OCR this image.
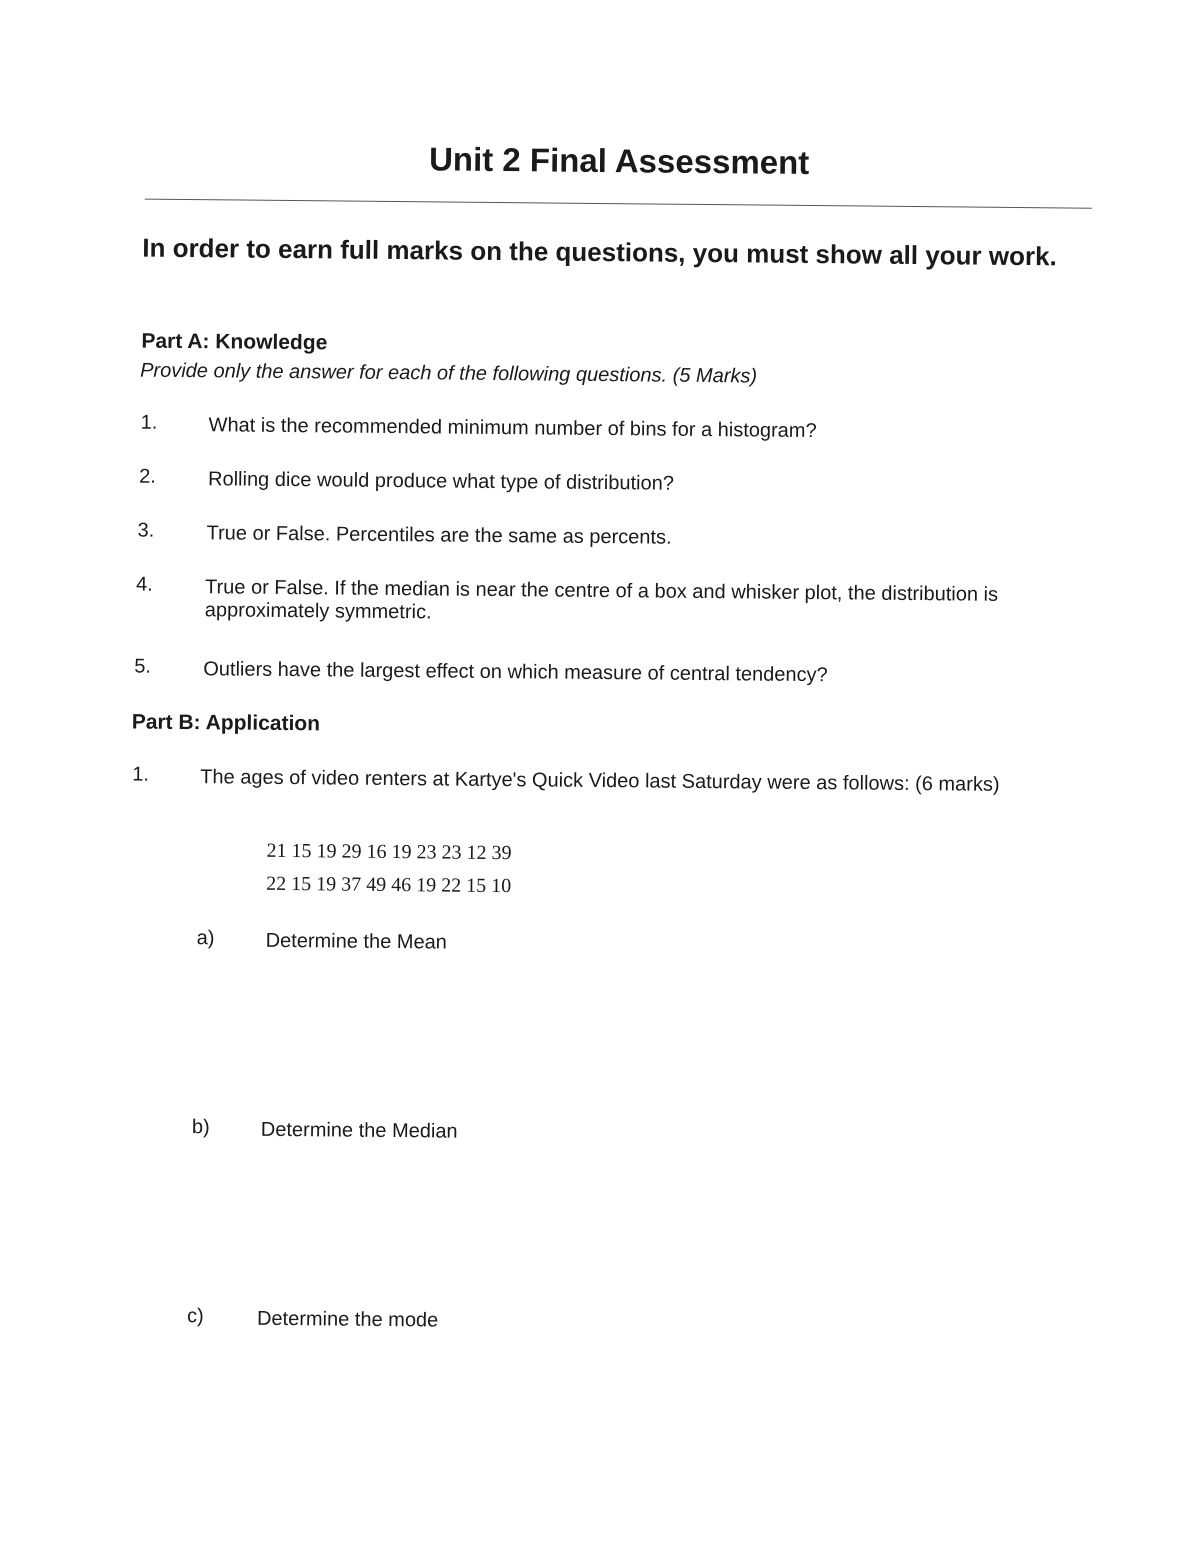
Unit 2 Final Assessment
In order to earn full marks on the questions, you must show all your work.
Part A: Knowledge
Provide only the answer for each of the following questions. (5 Marks)
1.	What is the recommended minimum number of bins for a histogram?
2.	Rolling dice would produce what type of distribution?
3.	True or False. Percentiles are the same as percents.
4.	True or False. If the median is near the centre of a box and whisker plot, the distribution is approximately symmetric.
5.	Outliers have the largest effect on which measure of central tendency?
Part B: Application
1.	The ages of video renters at Kartye's Quick Video last Saturday were as follows: (6 marks)
21 15 19 29 16 19 23 23 12 39
22 15 19 37 49 46 19 22 15 10
a)	Determine the Mean
b)	Determine the Median
c)	Determine the mode
